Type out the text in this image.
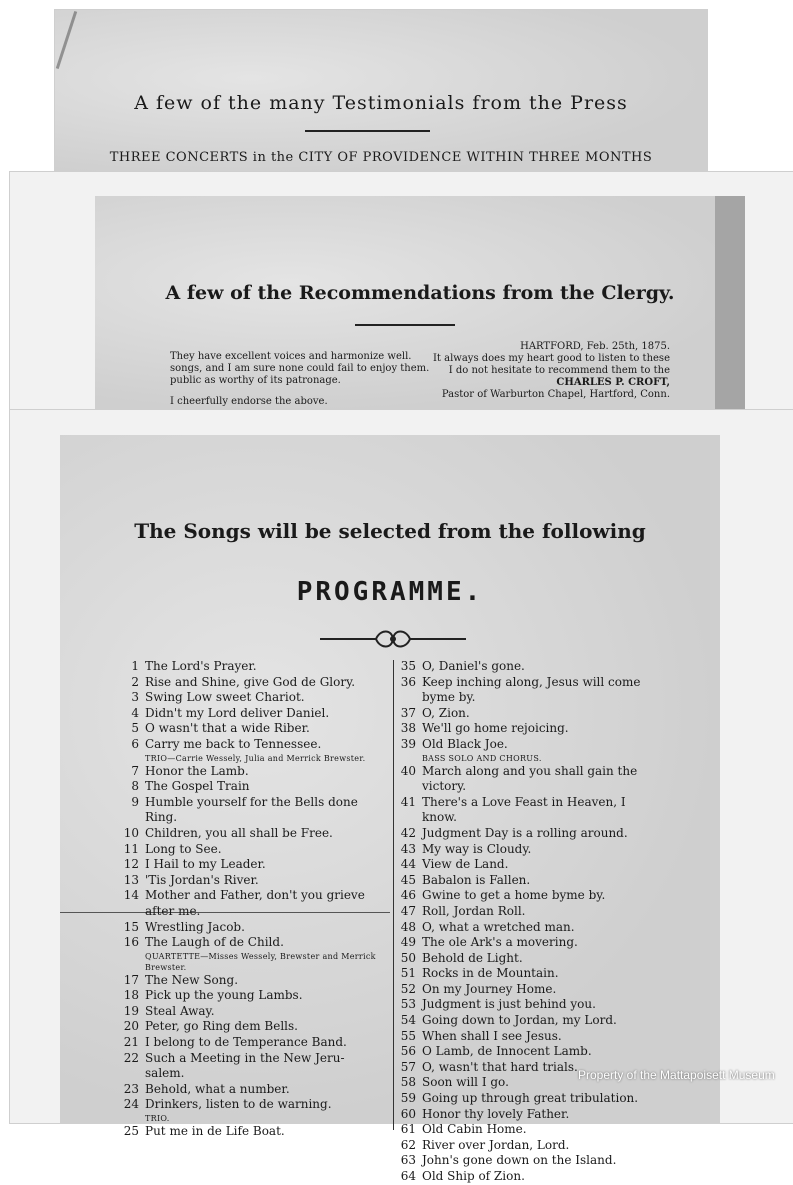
A few of the many Testimonials from the Press
THREE CONCERTS in the CITY OF PROVIDENCE WITHIN THREE MONTHS
A few of the Recommendations from the Clergy.
They have excellent voices and harmonize well.
songs, and I am sure none could fail to enjoy them.
public as worthy of its patronage.
I cheerfully endorse the above.
HARTFORD, Feb. 25th, 1875.
It always does my heart good to listen to these
I do not hesitate to recommend them to the
CHARLES P. CROFT,
Pastor of Warburton Chapel, Hartford, Conn.
The Songs will be selected from the following
PROGRAMME.
1 The Lord's Prayer.
2 Rise and Shine, give God de Glory.
3 Swing Low sweet Chariot.
4 Didn't my Lord deliver Daniel.
5 O wasn't that a wide Riber.
6 Carry me back to Tennessee.
TRIO—Carrie Wessely, Julia and Merrick Brewster.
7 Honor the Lamb.
8 The Gospel Train
9 Humble yourself for the Bells done
Ring.
10 Children, you all shall be Free.
11 Long to See.
12 I Hail to my Leader.
13 'Tis Jordan's River.
14 Mother and Father, don't you grieve
after me.
15 Wrestling Jacob.
16 The Laugh of de Child.
QUARTETTE—Misses Wessely, Brewster and Merrick
Brewster.
17 The New Song.
18 Pick up the young Lambs.
19 Steal Away.
20 Peter, go Ring dem Bells.
21 I belong to de Temperance Band.
22 Such a Meeting in the New Jeru-
salem.
23 Behold, what a number.
24 Drinkers, listen to de warning.
TRIO.
25 Put me in de Life Boat.
35 O, Daniel's gone.
36 Keep inching along, Jesus will come
byme by.
37 O, Zion.
38 We'll go home rejoicing.
39 Old Black Joe.
BASS SOLO AND CHORUS.
40 March along and you shall gain the
victory.
41 There's a Love Feast in Heaven, I
know.
42 Judgment Day is a rolling around.
43 My way is Cloudy.
44 View de Land.
45 Babalon is Fallen.
46 Gwine to get a home byme by.
47 Roll, Jordan Roll.
48 O, what a wretched man.
49 The ole Ark's a movering.
50 Behold de Light.
51 Rocks in de Mountain.
52 On my Journey Home.
53 Judgment is just behind you.
54 Going down to Jordan, my Lord.
55 When shall I see Jesus.
56 O Lamb, de Innocent Lamb.
57 O, wasn't that hard trials.
58 Soon will I go.
59 Going up through great tribulation.
60 Honor thy lovely Father.
61 Old Cabin Home.
62 River over Jordan, Lord.
63 John's gone down on the Island.
64 Old Ship of Zion.
Property of the Mattapoisett Museum
